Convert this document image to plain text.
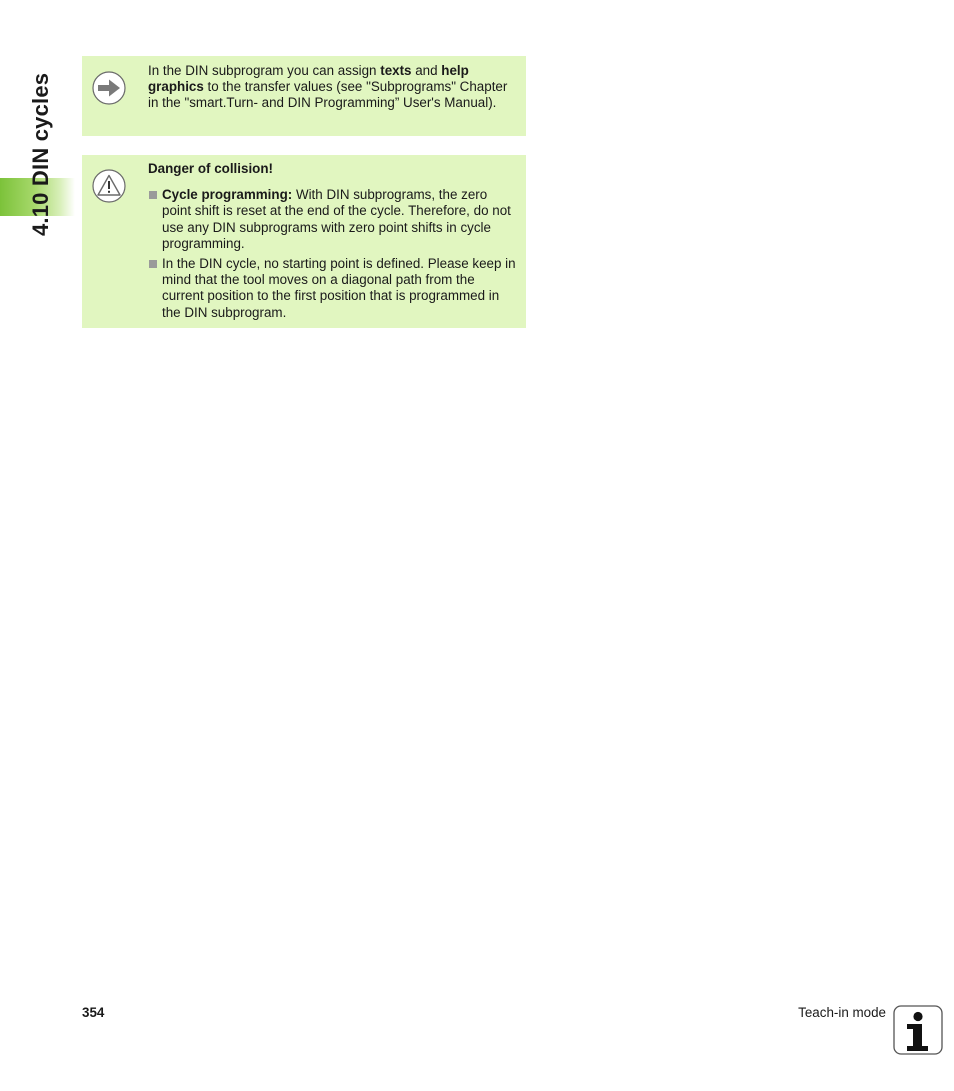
4.10 DIN cycles
In the DIN subprogram you can assign texts and help graphics to the transfer values (see "Subprograms" Chapter in the "smart.Turn- and DIN Programming” User's Manual).
Danger of collision!
Cycle programming: With DIN subprograms, the zero point shift is reset at the end of the cycle. Therefore, do not use any DIN subprograms with zero point shifts in cycle programming.
In the DIN cycle, no starting point is defined. Please keep in mind that the tool moves on a diagonal path from the current position to the first position that is programmed in the DIN subprogram.
354	Teach-in mode
